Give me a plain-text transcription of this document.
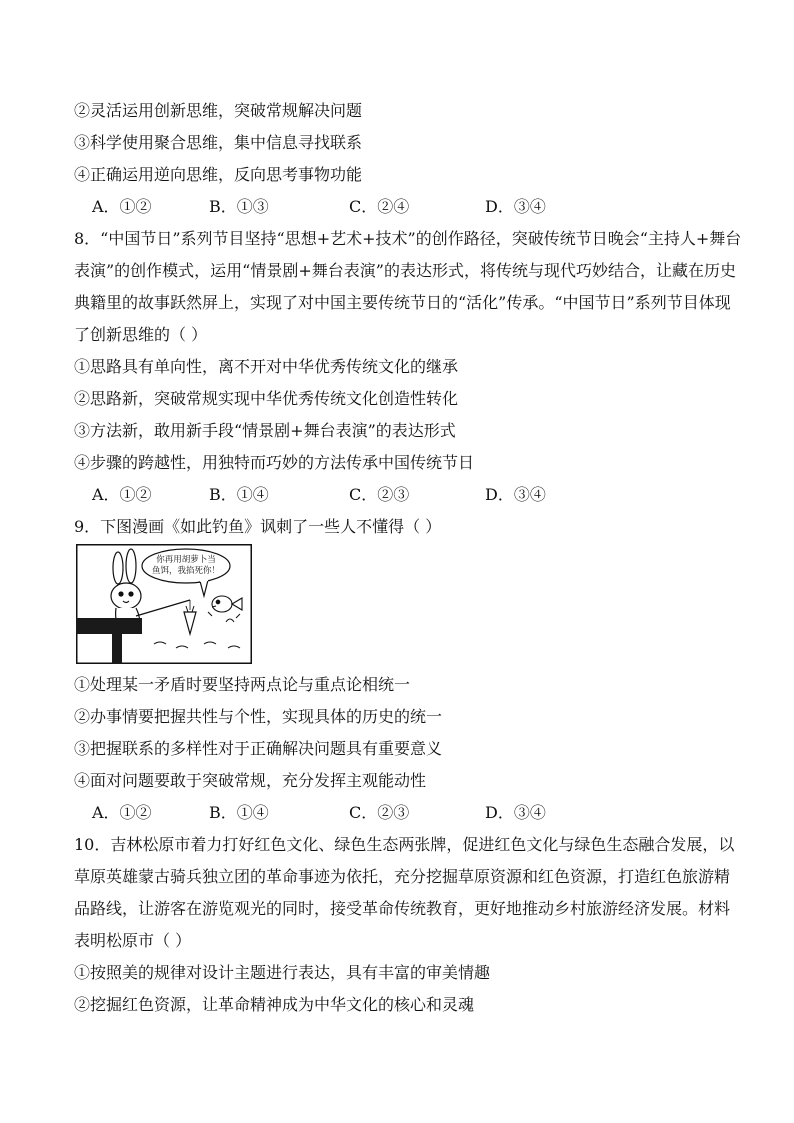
②灵活运用创新思维，突破常规解决问题
③科学使用聚合思维，集中信息寻找联系
④正确运用逆向思维，反向思考事物功能
A．①②	B．①③	C．②④	D．③④
8．“中国节日”系列节目坚持“思想+艺术+技术”的创作路径，突破传统节日晚会“主持人+舞台
表演”的创作模式，运用“情景剧+舞台表演”的表达形式，将传统与现代巧妙结合，让藏在历史
典籍里的故事跃然屏上，实现了对中国主要传统节日的“活化”传承。“中国节日”系列节目体现
了创新思维的（ ）
①思路具有单向性，离不开对中华优秀传统文化的继承
②思路新，突破常规实现中华优秀传统文化创造性转化
③方法新，敢用新手段“情景剧+舞台表演”的表达形式
④步骤的跨越性，用独特而巧妙的方法传承中国传统节日
A．①②	B．①④	C．②③	D．③④
9．下图漫画《如此钓鱼》讽刺了一些人不懂得（ ）
你再用胡萝卜当
鱼饵，我掐死你！
①处理某一矛盾时要坚持两点论与重点论相统一
②办事情要把握共性与个性，实现具体的历史的统一
③把握联系的多样性对于正确解决问题具有重要意义
④面对问题要敢于突破常规，充分发挥主观能动性
A．①②	B．①④	C．②③	D．③④
10．吉林松原市着力打好红色文化、绿色生态两张牌，促进红色文化与绿色生态融合发展，以
草原英雄蒙古骑兵独立团的革命事迹为依托，充分挖掘草原资源和红色资源，打造红色旅游精
品路线，让游客在游览观光的同时，接受革命传统教育，更好地推动乡村旅游经济发展。材料
表明松原市（ ）
①按照美的规律对设计主题进行表达，具有丰富的审美情趣
②挖掘红色资源，让革命精神成为中华文化的核心和灵魂
